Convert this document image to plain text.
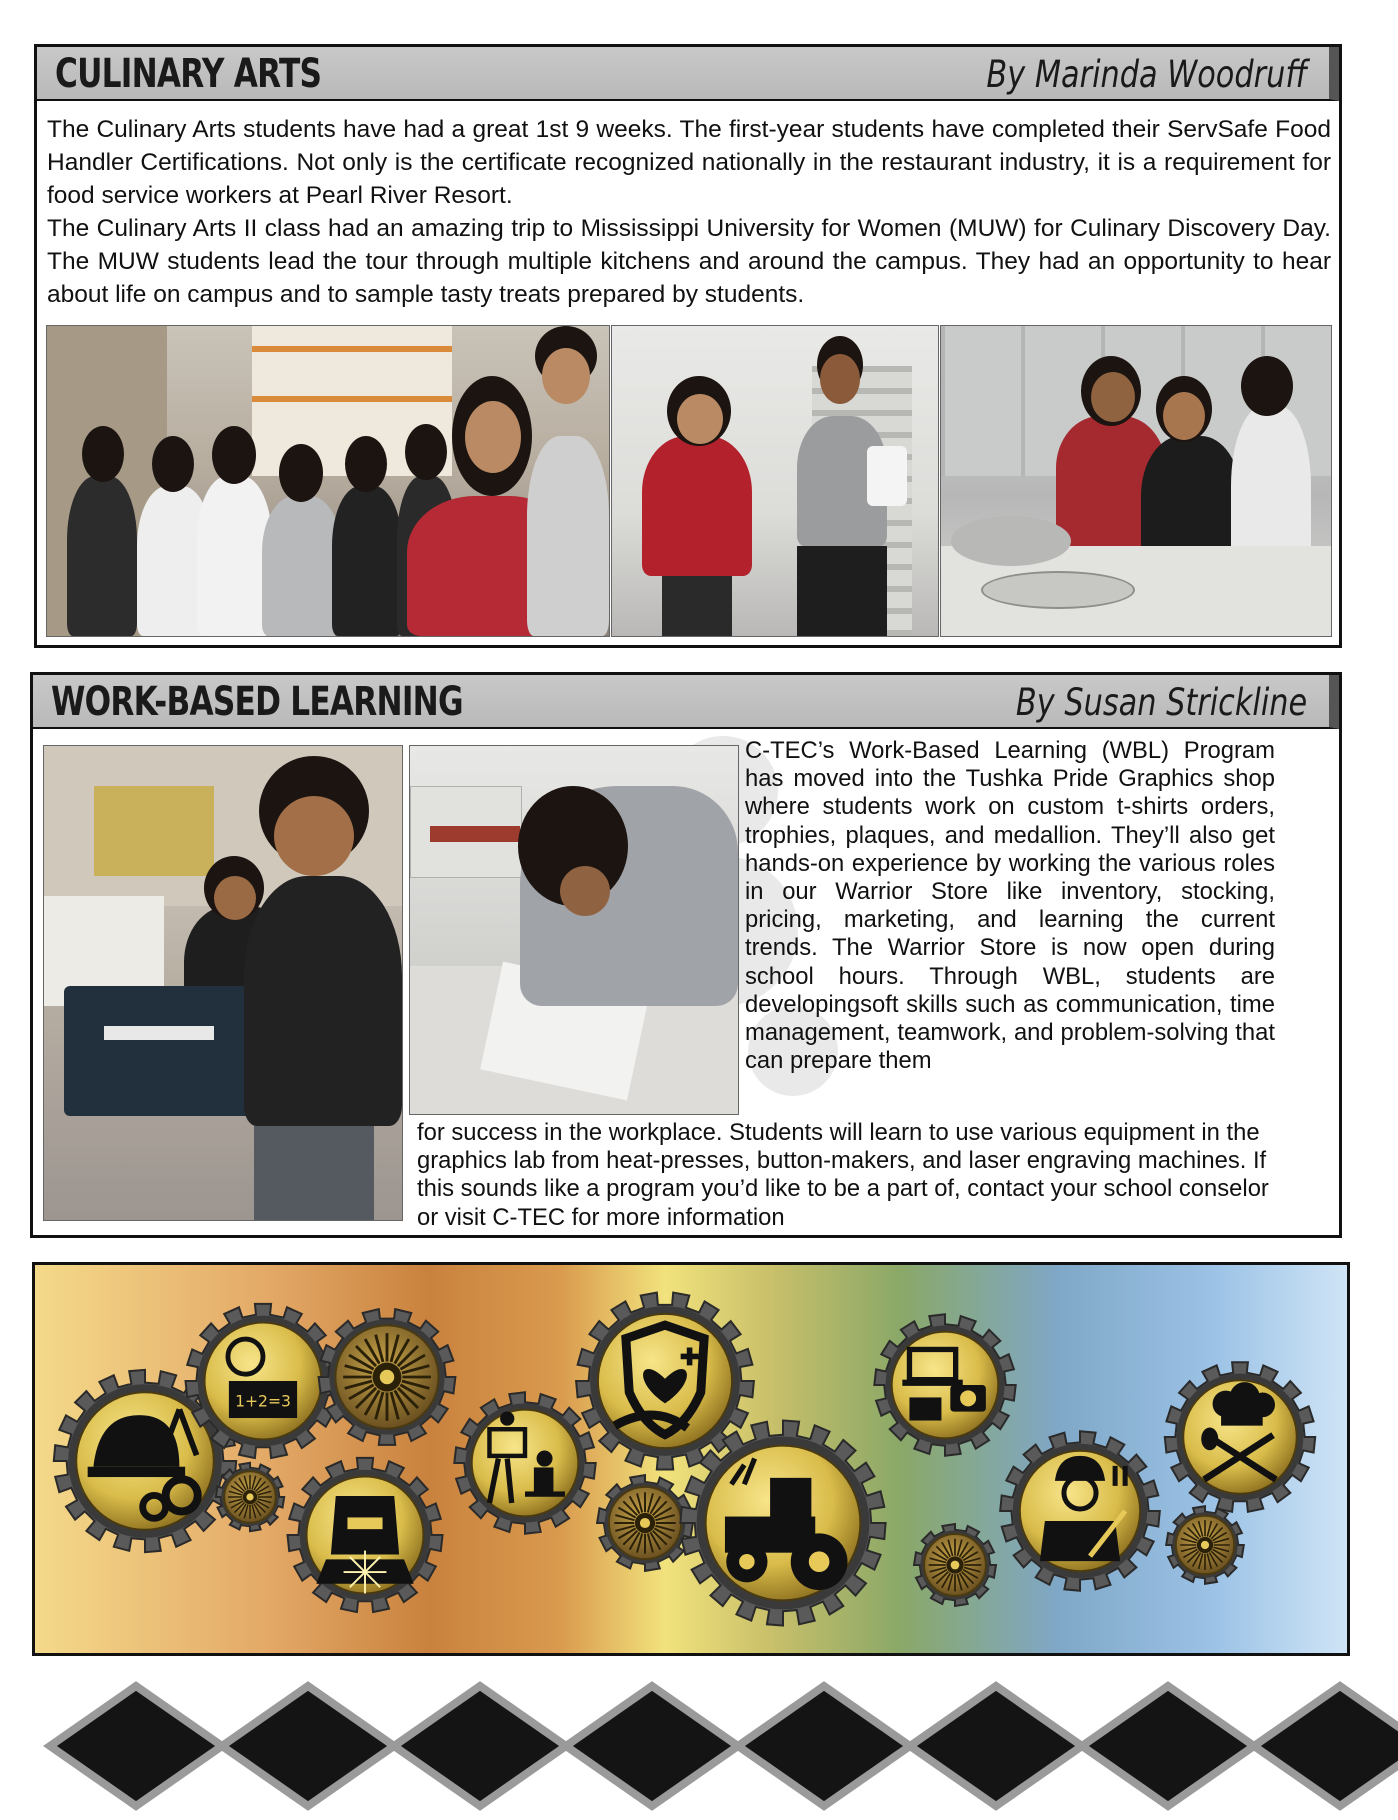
CULINARY ARTS	By Marinda Woodruff

The Culinary Arts students have had a great 1st 9 weeks. The first-year students have completed their ServSafe Food Handler Certifications. Not only is the certificate recognized nationally in the restaurant industry, it is a requirement for food service workers at Pearl River Resort.

The Culinary Arts II class had an amazing trip to Mississippi University for Women (MUW) for Culinary Discovery Day. The MUW students lead the tour through multiple kitchens and around the campus. They had an opportunity to hear about life on campus and to sample tasty treats prepared by students.

WORK-BASED LEARNING	By Susan Strickline
C-TEC’s Work-Based Learning (WBL) Program has moved into the Tushka Pride Graphics shop where students work on custom t-shirts orders, trophies, plaques, and medallion. They’ll also get hands-on experience by working the various roles in our Warrior Store like inventory, stocking, pricing, marketing, and learning the current trends. The Warrior Store is now open during school hours. Through WBL, students are developingsoft skills such as communication, time management, teamwork, and problem-solving that can prepare them
for success in the workplace. Students will learn to use various equipment in the graphics lab from heat-presses, button-makers, and laser engraving machines. If this sounds like a program you’d like to be a part of, contact your school conselor or visit C-TEC for more information
1+2=3
